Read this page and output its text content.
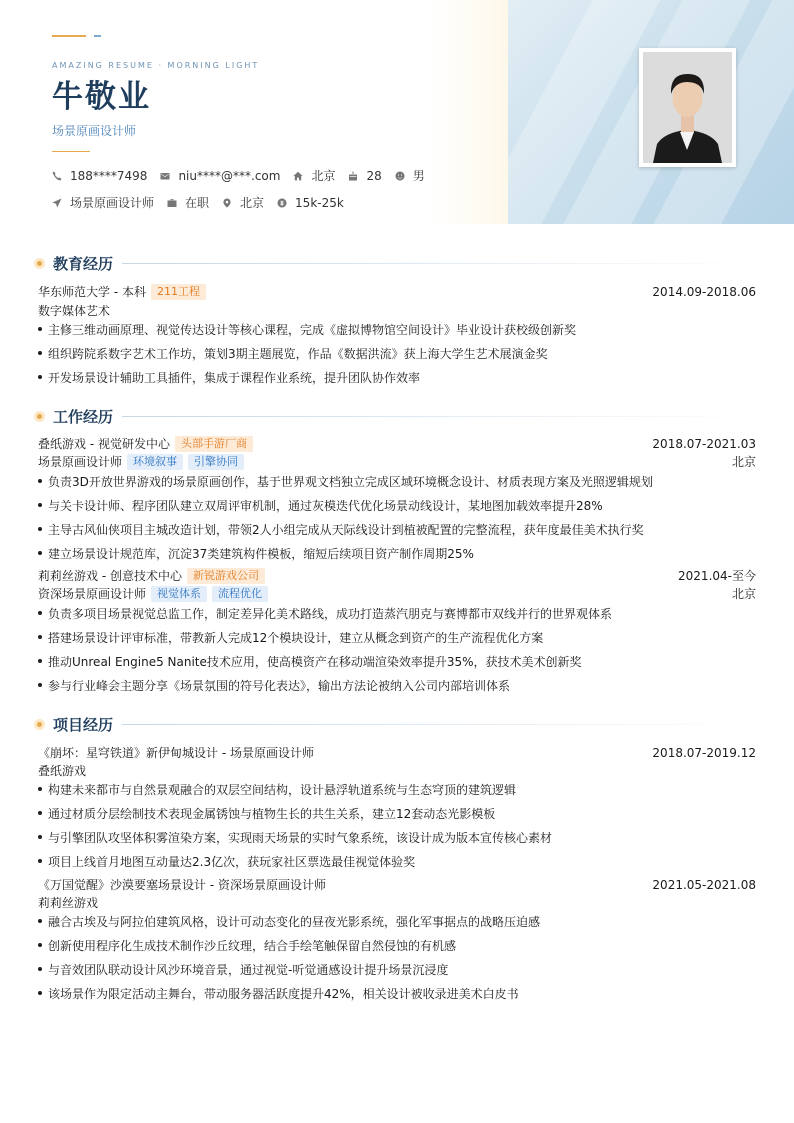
AMAZING RESUME · MORNING LIGHT
牛敬业
场景原画设计师
188****7498	niu****@***.com	北京	28	男
场景原画设计师	在职	北京	15k-25k
教育经历
华东师范大学 - 本科	211工程	2014.09-2018.06
数字媒体艺术
主修三维动画原理、视觉传达设计等核心课程，完成《虚拟博物馆空间设计》毕业设计获校级创新奖
组织跨院系数字艺术工作坊，策划3期主题展览，作品《数据洪流》获上海大学生艺术展演金奖
开发场景设计辅助工具插件，集成于课程作业系统，提升团队协作效率
工作经历
叠纸游戏 - 视觉研发中心	头部手游厂商	2018.07-2021.03
场景原画设计师	环境叙事	引擎协同	北京
负责3D开放世界游戏的场景原画创作，基于世界观文档独立完成区域环境概念设计、材质表现方案及光照逻辑规划
与关卡设计师、程序团队建立双周评审机制，通过灰模迭代优化场景动线设计，某地图加载效率提升28%
主导古风仙侠项目主城改造计划，带领2人小组完成从天际线设计到植被配置的完整流程，获年度最佳美术执行奖
建立场景设计规范库，沉淀37类建筑构件模板，缩短后续项目资产制作周期25%
莉莉丝游戏 - 创意技术中心	新锐游戏公司	2021.04-至今
资深场景原画设计师	视觉体系	流程优化	北京
负责多项目场景视觉总监工作，制定差异化美术路线，成功打造蒸汽朋克与赛博都市双线并行的世界观体系
搭建场景设计评审标准，带教新人完成12个模块设计，建立从概念到资产的生产流程优化方案
推动Unreal Engine5 Nanite技术应用，使高模资产在移动端渲染效率提升35%，获技术美术创新奖
参与行业峰会主题分享《场景氛围的符号化表达》，输出方法论被纳入公司内部培训体系
项目经历
《崩坏：星穹铁道》新伊甸城设计 - 场景原画设计师	2018.07-2019.12
叠纸游戏
构建未来都市与自然景观融合的双层空间结构，设计悬浮轨道系统与生态穹顶的建筑逻辑
通过材质分层绘制技术表现金属锈蚀与植物生长的共生关系，建立12套动态光影模板
与引擎团队攻坚体积雾渲染方案，实现雨天场景的实时气象系统，该设计成为版本宣传核心素材
项目上线首月地图互动量达2.3亿次，获玩家社区票选最佳视觉体验奖
《万国觉醒》沙漠要塞场景设计 - 资深场景原画设计师	2021.05-2021.08
莉莉丝游戏
融合古埃及与阿拉伯建筑风格，设计可动态变化的昼夜光影系统，强化军事据点的战略压迫感
创新使用程序化生成技术制作沙丘纹理，结合手绘笔触保留自然侵蚀的有机感
与音效团队联动设计风沙环境音景，通过视觉-听觉通感设计提升场景沉浸度
该场景作为限定活动主舞台，带动服务器活跃度提升42%，相关设计被收录进美术白皮书
